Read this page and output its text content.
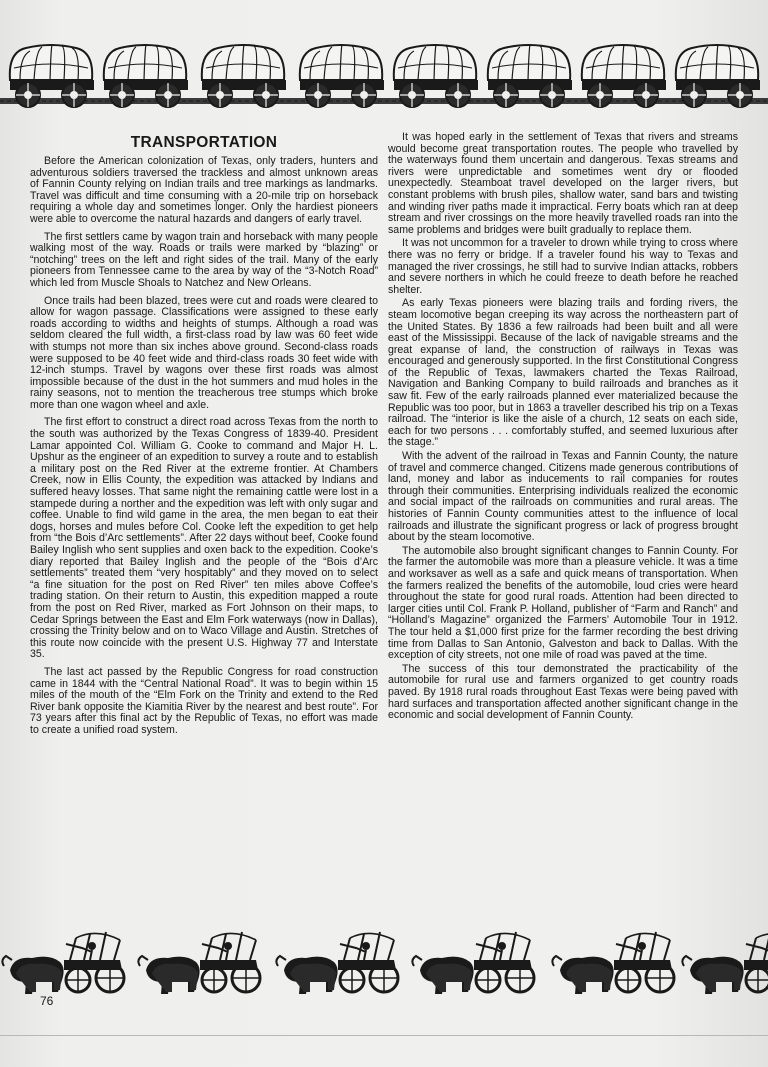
TRANSPORTATION

Before the American colonization of Texas, only traders, hunters and adventurous soldiers traversed the trackless and almost unknown areas of Fannin County relying on Indian trails and tree markings as landmarks. Travel was difficult and time consuming with a 20-mile trip on horseback requiring a whole day and sometimes longer. Only the hardiest pioneers were able to overcome the natural hazards and dangers of early travel.

The first settlers came by wagon train and horseback with many people walking most of the way. Roads or trails were marked by “blazing” or “notching” trees on the left and right sides of the trail. Many of the early pioneers from Tennessee came to the area by way of the “3-Notch Road” which led from Muscle Shoals to Natchez and New Orleans.

Once trails had been blazed, trees were cut and roads were cleared to allow for wagon passage. Classifications were assigned to these early roads according to widths and heights of stumps. Although a road was seldom cleared the full width, a first-class road by law was 60 feet wide with stumps not more than six inches above ground. Second-class roads were supposed to be 40 feet wide and third-class roads 30 feet wide with 12-inch stumps. Travel by wagons over these first roads was almost impossible because of the dust in the hot summers and mud holes in the rainy seasons, not to mention the treacherous tree stumps which broke more than one wagon wheel and axle.

The first effort to construct a direct road across Texas from the north to the south was authorized by the Texas Congress of 1839-40. President Lamar appointed Col. William G. Cooke to command and Major H. L. Upshur as the engineer of an expedition to survey a route and to establish a military post on the Red River at the extreme frontier. At Chambers Creek, now in Ellis County, the expedition was attacked by Indians and suffered heavy losses. That same night the remaining cattle were lost in a stampede during a norther and the expedition was left with only sugar and coffee. Unable to find wild game in the area, the men began to eat their dogs, horses and mules before Col. Cooke left the expedition to get help from “the Bois d’Arc settlements”. After 22 days without beef, Cooke found Bailey Inglish who sent supplies and oxen back to the expedition. Cooke’s diary reported that Bailey Inglish and the people of the “Bois d’Arc settlements” treated them “very hospitably” and they moved on to select “a fine situation for the post on Red River” ten miles above Coffee’s trading station. On their return to Austin, this expedition mapped a route from the post on Red River, marked as Fort Johnson on their maps, to Cedar Springs between the East and Elm Fork waterways (now in Dallas), crossing the Trinity below and on to Waco Village and Austin. Stretches of this route now coincide with the present U.S. Highway 77 and Interstate 35.

The last act passed by the Republic Congress for road construction came in 1844 with the “Central National Road”. It was to begin within 15 miles of the mouth of the “Elm Fork on the Trinity and extend to the Red River bank opposite the Kiamitia River by the nearest and best route”. For 73 years after this final act by the Republic of Texas, no effort was made to create a unified road system.

It was hoped early in the settlement of Texas that rivers and streams would become great transportation routes. The people who travelled by the waterways found them uncertain and dangerous. Texas streams and rivers were unpredictable and sometimes went dry or flooded unexpectedly. Steamboat travel developed on the larger rivers, but constant problems with brush piles, shallow water, sand bars and twisting and winding river paths made it impractical. Ferry boats which ran at deep stream and river crossings on the more heavily travelled roads ran into the same problems and bridges were built gradually to replace them.

It was not uncommon for a traveler to drown while trying to cross where there was no ferry or bridge. If a traveler found his way to Texas and managed the river crossings, he still had to survive Indian attacks, robbers and severe northers in which he could freeze to death before he reached shelter.

As early Texas pioneers were blazing trails and fording rivers, the steam locomotive began creeping its way across the northeastern part of the United States. By 1836 a few railroads had been built and all were east of the Mississippi. Because of the lack of navigable streams and the great expanse of land, the construction of railways in Texas was encouraged and generously supported. In the first Constitutional Congress of the Republic of Texas, lawmakers charted the Texas Railroad, Navigation and Banking Company to build railroads and branches as it saw fit. Few of the early railroads planned ever materialized because the Republic was too poor, but in 1863 a traveller described his trip on a Texas railroad. The “interior is like the aisle of a church, 12 seats on each side, each for two persons . . . comfortably stuffed, and seemed luxurious after the stage.”

With the advent of the railroad in Texas and Fannin County, the nature of travel and commerce changed. Citizens made generous contributions of land, money and labor as inducements to rail companies for routes through their communities. Enterprising individuals realized the economic and social impact of the railroads on communities and rural areas. The histories of Fannin County communities attest to the influence of local railroads and illustrate the significant progress or lack of progress brought about by the steam locomotive.

The automobile also brought significant changes to Fannin County. For the farmer the automobile was more than a pleasure vehicle. It was a time and worksaver as well as a safe and quick means of transportation. When the farmers realized the benefits of the automobile, loud cries were heard throughout the state for good rural roads. Attention had been directed to larger cities until Col. Frank P. Holland, publisher of “Farm and Ranch” and “Holland’s Magazine” organized the Farmers’ Automobile Tour in 1912. The tour held a $1,000 first prize for the farmer recording the best driving time from Dallas to San Antonio, Galveston and back to Dallas. With the exception of city streets, not one mile of road was paved at the time.

The success of this tour demonstrated the practicability of the automobile for rural use and farmers organized to get country roads paved. By 1918 rural roads throughout East Texas were being paved with hard surfaces and transportation affected another significant change in the economic and social development of Fannin County.

76
